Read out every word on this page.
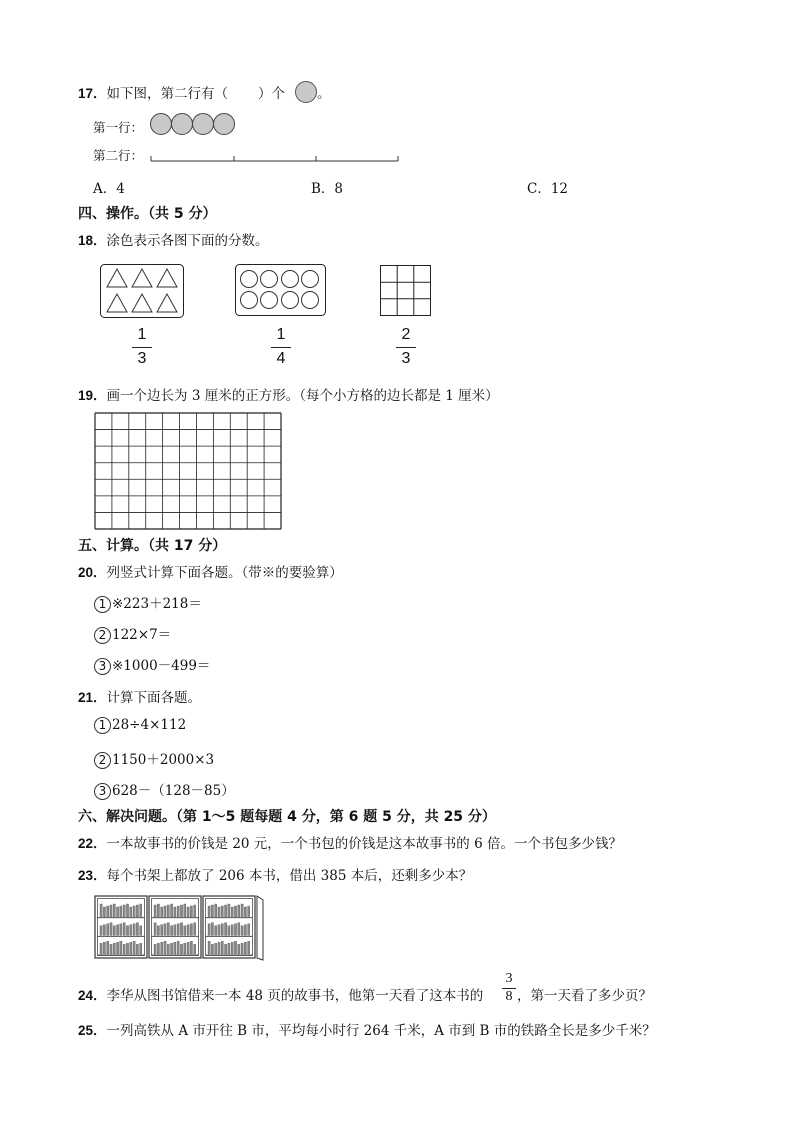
17．如下图，第二行有（ ）个 。
第一行：
第二行：
A．4	B．8	C．12
四、操作。（共 5 分）
18．涂色表示各图下面的分数。
1
3
1
4
2
3
19．画一个边长为 3 厘米的正方形。（每个小方格的边长都是 1 厘米）
五、计算。（共 17 分）
20．列竖式计算下面各题。（带※的要验算）
1 ※223＋218＝
2 122×7＝
3 ※1000－499＝
21．计算下面各题。
1 28÷4×112
2 1150＋2000×3
3 628－（128－85）
六、解决问题。（第 1～5 题每题 4 分，第 6 题 5 分，共 25 分）
22．一本故事书的价钱是 20 元，一个书包的价钱是这本故事书的 6 倍。一个书包多少钱？
23．每个书架上都放了 206 本书，借出 385 本后，还剩多少本？
24．李华从图书馆借来一本 48 页的故事书，他第一天看了这本书的
3
8 ，第一天看了多少页？
25．一列高铁从 A 市开往 B 市，平均每小时行 264 千米，A 市到 B 市的铁路全长是多少千米？
